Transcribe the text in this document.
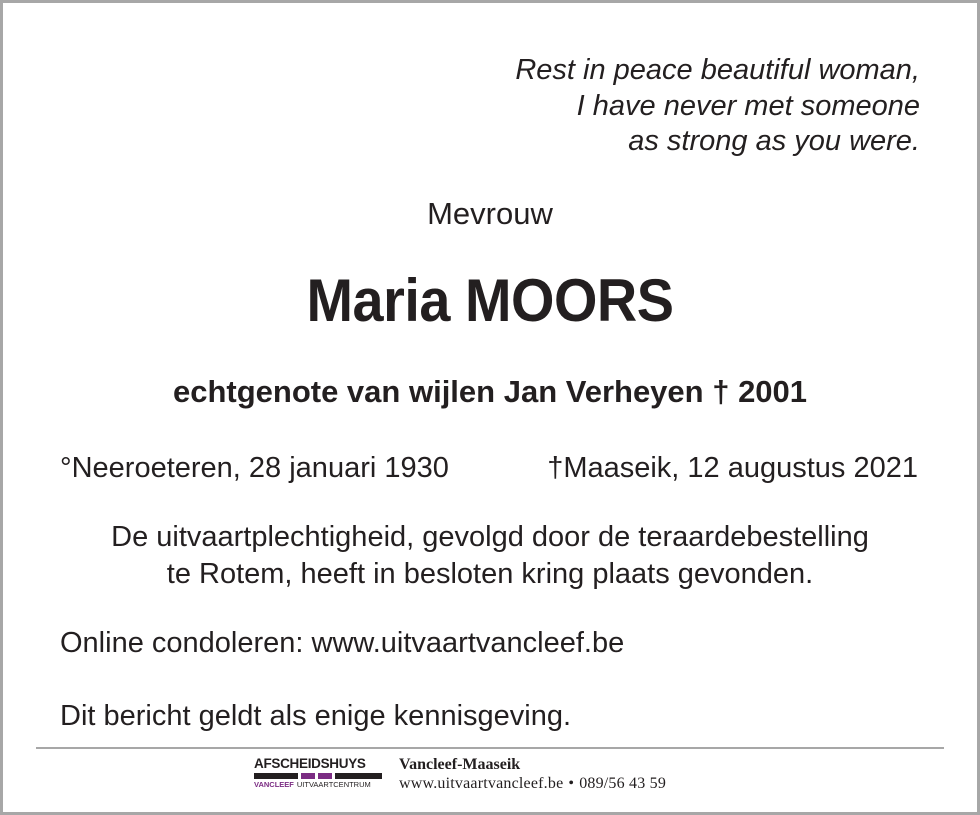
Rest in peace beautiful woman,
I have never met someone
as strong as you were.
Mevrouw
Maria MOORS
echtgenote van wijlen Jan Verheyen † 2001
°Neeroeteren, 28 januari 1930	†Maaseik, 12 augustus 2021
De uitvaartplechtigheid, gevolgd door de teraardebestelling
te Rotem, heeft in besloten kring plaats gevonden.
Online condoleren: www.uitvaartvancleef.be
Dit bericht geldt als enige kennisgeving.
AFSCHEIDSHUYS
VANCLEEF UITVAARTCENTRUM
Vancleef-Maaseik
www.uitvaartvancleef.be • 089/56 43 59
